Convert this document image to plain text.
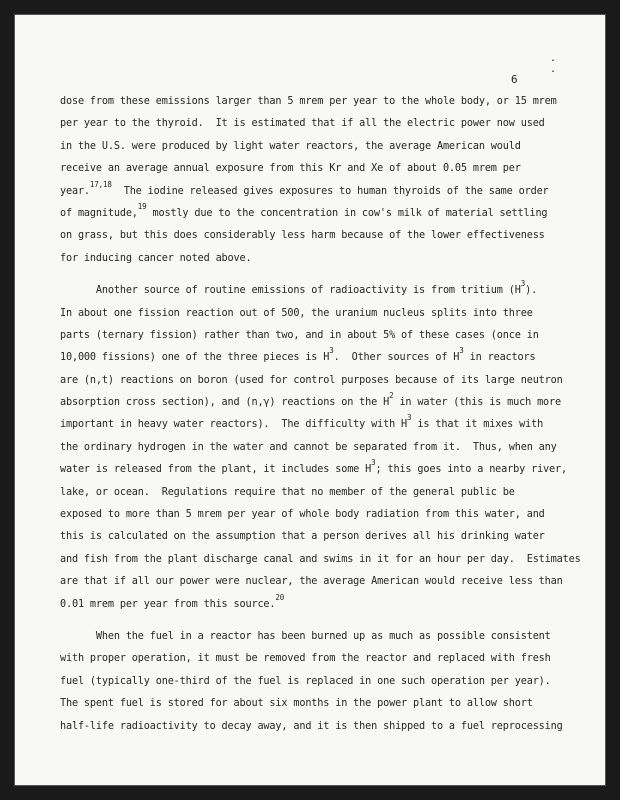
. .
6
dose from these emissions larger than 5 mrem per year to the whole body, or 15 mrem
per year to the thyroid.  It is estimated that if all the electric power now used
in the U.S. were produced by light water reactors, the average American would
receive an average annual exposure from this Kr and Xe of about 0.05 mrem per
year.$^{17,18}$  The iodine released gives exposures to human thyroids of the same order
of magnitude,$^{19}$ mostly due to the concentration in cow's milk of material settling
on grass, but this does considerably less harm because of the lower effectiveness
for inducing cancer noted above.
Another source of routine emissions of radioactivity is from tritium $(H^3)$.
In about one fission reaction out of 500, the uranium nucleus splits into three
parts (ternary fission) rather than two, and in about 5% of these cases (once in
10,000 fissions) one of the three pieces is $H^3$.  Other sources of $H^3$ in reactors
are (n,t) reactions on boron (used for control purposes because of its large neutron
absorption cross section), and (n,γ) reactions on the $H^2$ in water (this is much more
important in heavy water reactors).  The difficulty with $H^3$ is that it mixes with
the ordinary hydrogen in the water and cannot be separated from it.  Thus, when any
water is released from the plant, it includes some $H^3$; this goes into a nearby river,
lake, or ocean.  Regulations require that no member of the general public be
exposed to more than 5 mrem per year of whole body radiation from this water, and
this is calculated on the assumption that a person derives all his drinking water
and fish from the plant discharge canal and swims in it for an hour per day.  Estimates
are that if all our power were nuclear, the average American would receive less than
0.01 mrem per year from this source.$^{20}$
When the fuel in a reactor has been burned up as much as possible consistent
with proper operation, it must be removed from the reactor and replaced with fresh
fuel (typically one-third of the fuel is replaced in one such operation per year).
The spent fuel is stored for about six months in the power plant to allow short
half-life radioactivity to decay away, and it is then shipped to a fuel reprocessing
